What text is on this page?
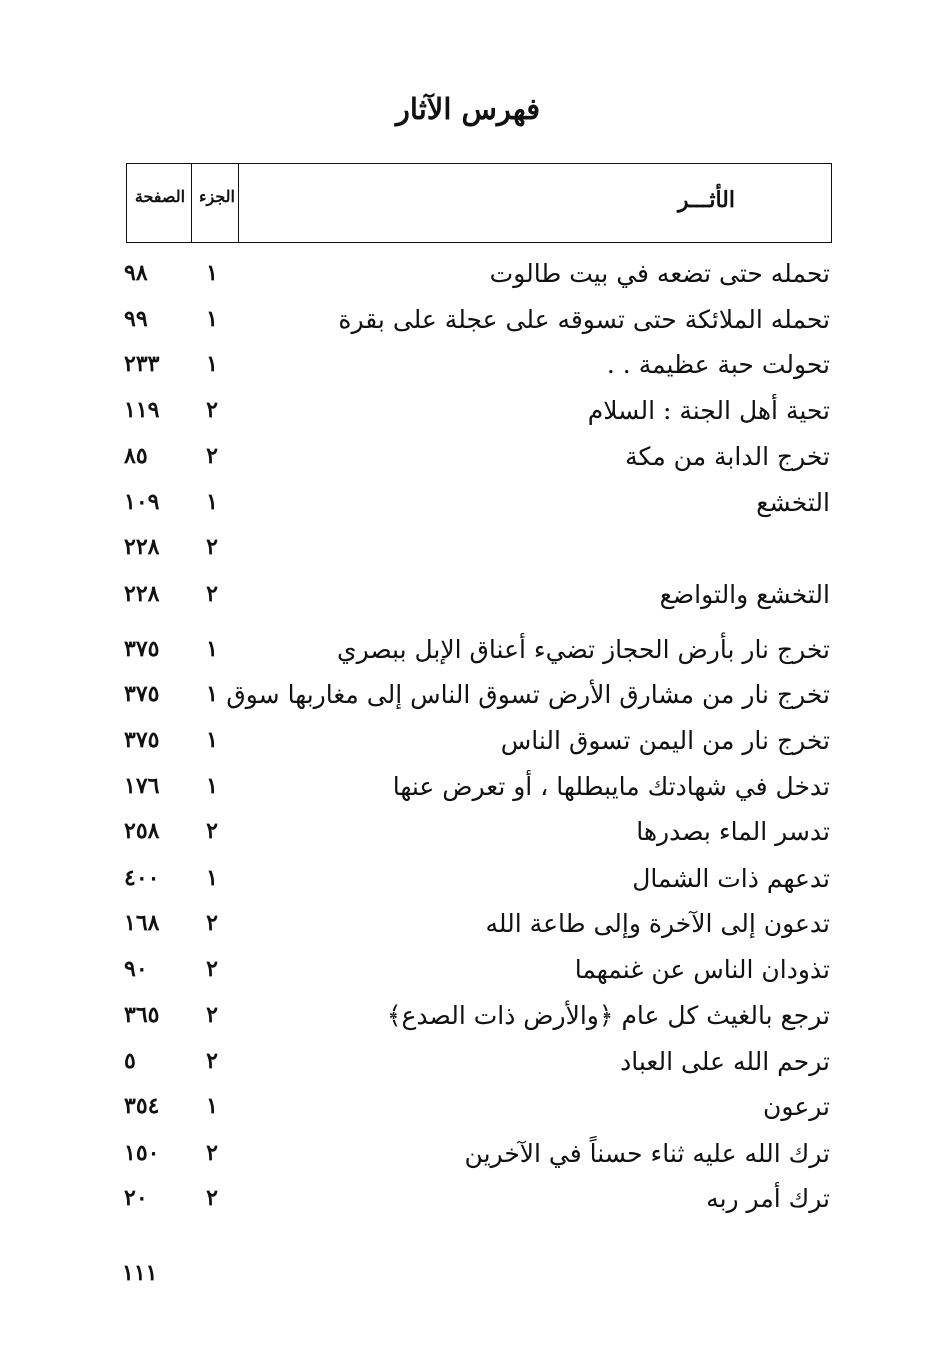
فهرس الآثار
الأثـــر
الجزء
الصفحة
تحمله حتى تضعه في بيت طالوت
١
٩٨
تحمله الملائكة حتى تسوقه على عجلة على بقرة
١
٩٩
تحولت حبة عظيمة . .
١
٢٣٣
تحية أهل الجنة : السلام
٢
١١٩
تخرج الدابة من مكة
٢
٨٥
التخشع
١
١٠٩
٢
٢٢٨
التخشع والتواضع
٢
٢٢٨
تخرج نار بأرض الحجاز تضيء أعناق الإبل ببصري
١
٣٧٥
تخرج نار من مشارق الأرض تسوق الناس إلى مغاربها سوق
١
٣٧٥
تخرج نار من اليمن تسوق الناس
١
٣٧٥
تدخل في شهادتك مايبطلها ، أو تعرض عنها
١
١٧٦
تدسر الماء بصدرها
٢
٢٥٨
تدعهم ذات الشمال
١
٤٠٠
تدعون إلى الآخرة وإلى طاعة الله
٢
١٦٨
تذودان الناس عن غنمهما
٢
٩٠
ترجع بالغيث كل عام ﴿والأرض ذات الصدع﴾
٢
٣٦٥
ترحم الله على العباد
٢
٥
ترعون
١
٣٥٤
ترك الله عليه ثناء حسناً في الآخرين
٢
١٥٠
ترك أمر ربه
٢
٢٠
١١١
